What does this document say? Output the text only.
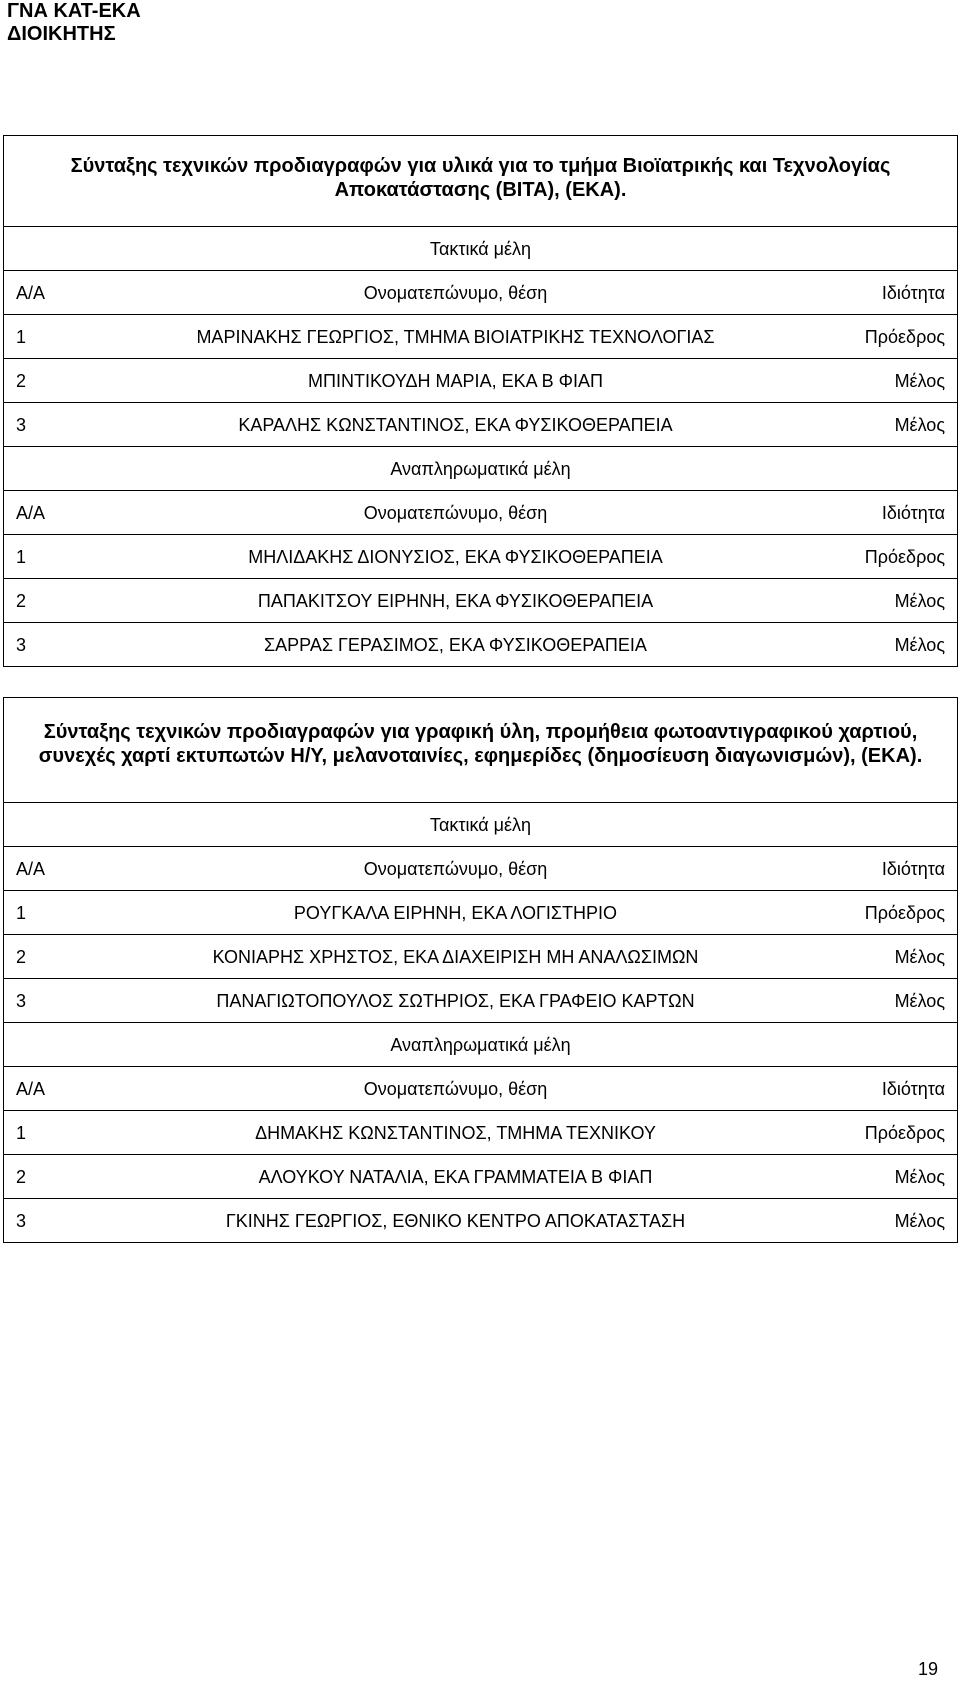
ΓΝΑ ΚΑΤ-ΕΚΑ
ΔΙΟΙΚΗΤΗΣ
Σύνταξης τεχνικών προδιαγραφών για υλικά για το τμήμα Βιοϊατρικής και Τεχνολογίας Αποκατάστασης (ΒΙΤΑ), (ΕΚΑ).
Τακτικά μέλη
Α/Α	Ονοματεπώνυμο, θέση	Ιδιότητα
1	ΜΑΡΙΝΑΚΗΣ ΓΕΩΡΓΙΟΣ, ΤΜΗΜΑ ΒΙΟΙΑΤΡΙΚΗΣ ΤΕΧΝΟΛΟΓΙΑΣ	Πρόεδρος
2	ΜΠΙΝΤΙΚΟΥΔΗ ΜΑΡΙΑ, ΕΚΑ Β ΦΙΑΠ	Μέλος
3	ΚΑΡΑΛΗΣ ΚΩΝΣΤΑΝΤΙΝΟΣ, ΕΚΑ ΦΥΣΙΚΟΘΕΡΑΠΕΙΑ	Μέλος
Αναπληρωματικά μέλη
Α/Α	Ονοματεπώνυμο, θέση	Ιδιότητα
1	ΜΗΛΙΔΑΚΗΣ ΔΙΟΝΥΣΙΟΣ, ΕΚΑ ΦΥΣΙΚΟΘΕΡΑΠΕΙΑ	Πρόεδρος
2	ΠΑΠΑΚΙΤΣΟΥ ΕΙΡΗΝΗ, ΕΚΑ ΦΥΣΙΚΟΘΕΡΑΠΕΙΑ	Μέλος
3	ΣΑΡΡΑΣ ΓΕΡΑΣΙΜΟΣ, ΕΚΑ ΦΥΣΙΚΟΘΕΡΑΠΕΙΑ	Μέλος
Σύνταξης τεχνικών προδιαγραφών για γραφική ύλη, προμήθεια φωτοαντιγραφικού χαρτιού, συνεχές χαρτί εκτυπωτών Η/Υ, μελανοταινίες, εφημερίδες (δημοσίευση διαγωνισμών), (ΕΚΑ).
Τακτικά μέλη
Α/Α	Ονοματεπώνυμο, θέση	Ιδιότητα
1	ΡΟΥΓΚΑΛΑ ΕΙΡΗΝΗ, ΕΚΑ ΛΟΓΙΣΤΗΡΙΟ	Πρόεδρος
2	ΚΟΝΙΑΡΗΣ ΧΡΗΣΤΟΣ, ΕΚΑ ΔΙΑΧΕΙΡΙΣΗ ΜΗ ΑΝΑΛΩΣΙΜΩΝ	Μέλος
3	ΠΑΝΑΓΙΩΤΟΠΟΥΛΟΣ ΣΩΤΗΡΙΟΣ, ΕΚΑ ΓΡΑΦΕΙΟ ΚΑΡΤΩΝ	Μέλος
Αναπληρωματικά μέλη
Α/Α	Ονοματεπώνυμο, θέση	Ιδιότητα
1	ΔΗΜΑΚΗΣ ΚΩΝΣΤΑΝΤΙΝΟΣ, ΤΜΗΜΑ ΤΕΧΝΙΚΟΥ	Πρόεδρος
2	ΑΛΟΥΚΟΥ ΝΑΤΑΛΙΑ, ΕΚΑ ΓΡΑΜΜΑΤΕΙΑ Β ΦΙΑΠ	Μέλος
3	ΓΚΙΝΗΣ ΓΕΩΡΓΙΟΣ, ΕΘΝΙΚΟ ΚΕΝΤΡΟ ΑΠΟΚΑΤΑΣΤΑΣΗ	Μέλος
19
